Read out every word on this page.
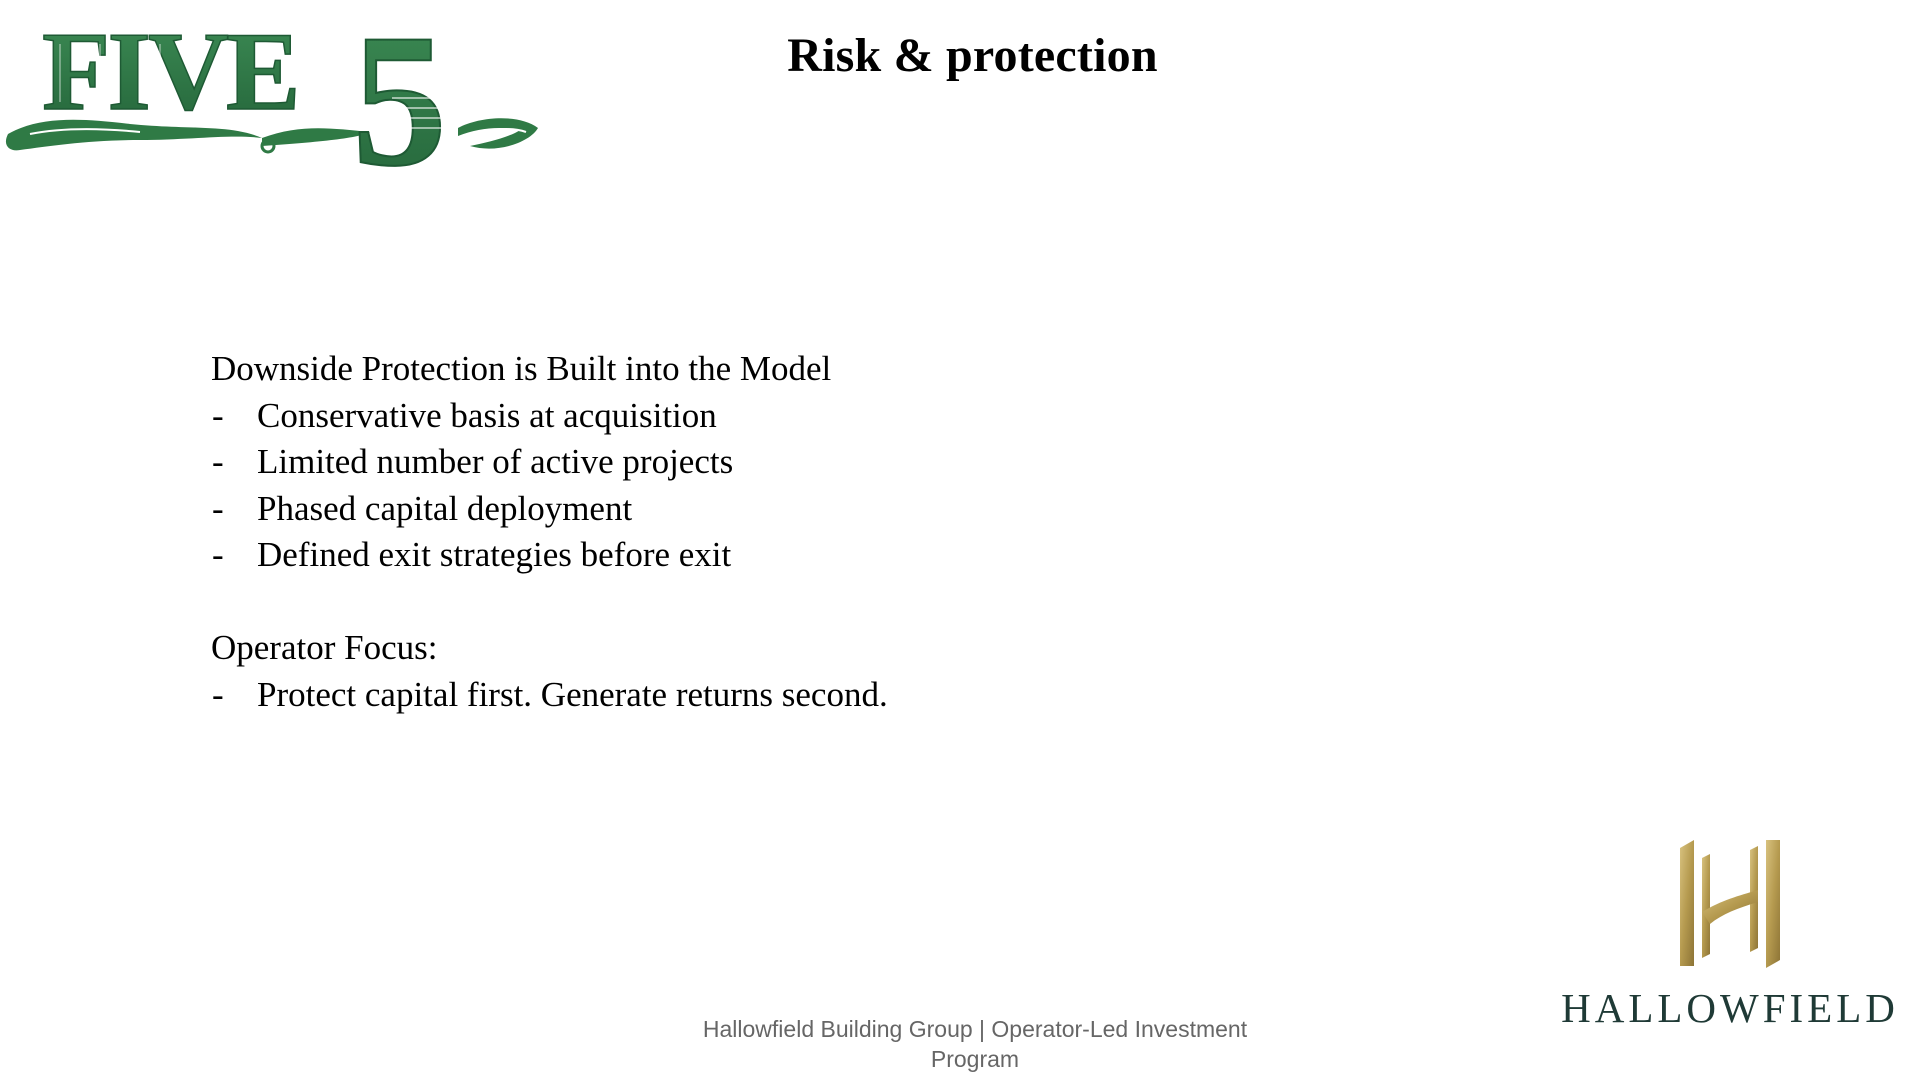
FIVE 5	Risk & protection
Downside Protection is Built into the Model
- Conservative basis at acquisition
- Limited number of active projects
- Phased capital deployment
- Defined exit strategies before exit
Operator Focus:
- Protect capital first. Generate returns second.
Hallowfield Building Group | Operator-Led Investment
Program
HALLOWFIELD
